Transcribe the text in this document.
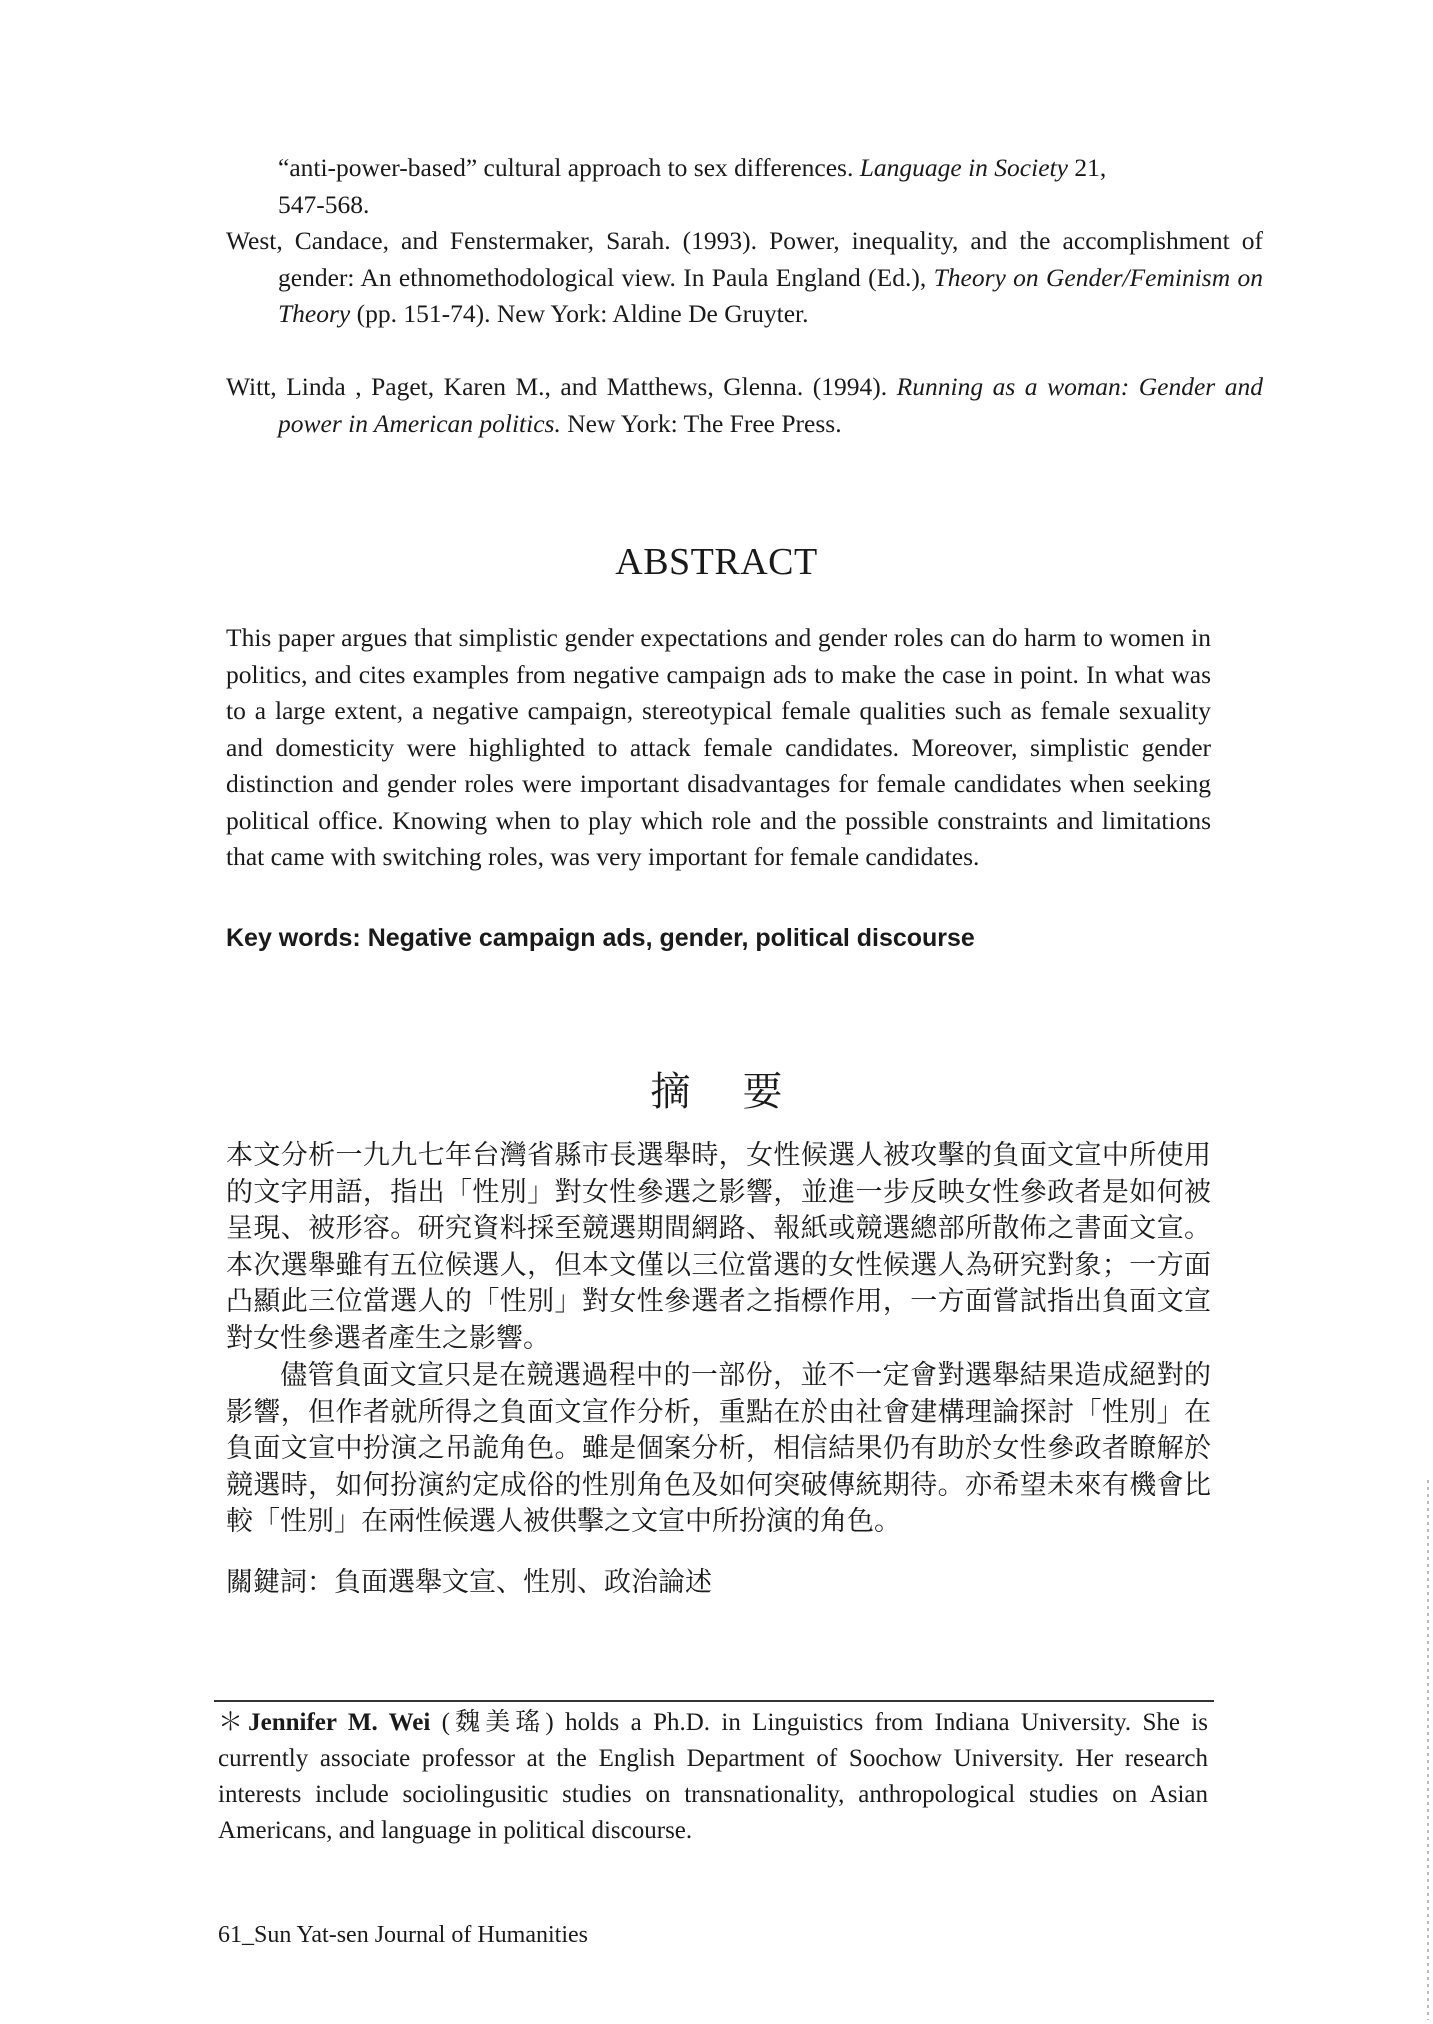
“anti-power-based” cultural approach to sex differences. Language in Society 21,
547-568.
West, Candace, and Fenstermaker, Sarah. (1993). Power, inequality, and the accomplishment of gender: An ethnomethodological view. In Paula England (Ed.), Theory on Gender/Feminism on Theory (pp. 151-74). New York: Aldine De Gruyter.
Witt, Linda , Paget, Karen M., and Matthews, Glenna. (1994). Running as a woman: Gender and power in American politics. New York: The Free Press.
ABSTRACT
This paper argues that simplistic gender expectations and gender roles can do harm to women in politics, and cites examples from negative campaign ads to make the case in point. In what was to a large extent, a negative campaign, stereotypical female qualities such as female sexuality and domesticity were highlighted to attack female candidates. Moreover, simplistic gender distinction and gender roles were important disadvantages for female candidates when seeking political office. Knowing when to play which role and the possible constraints and limitations that came with switching roles, was very important for female candidates.
Key words: Negative campaign ads, gender, political discourse
摘要
本文分析一九九七年台灣省縣市長選舉時，女性候選人被攻擊的負面文宣中所使用的文字用語，指出「性別」對女性參選之影響，並進一步反映女性參政者是如何被呈現、被形容。研究資料採至競選期間網路、報紙或競選總部所散佈之書面文宣。本次選舉雖有五位候選人，但本文僅以三位當選的女性候選人為研究對象；一方面凸顯此三位當選人的「性別」對女性參選者之指標作用，一方面嘗試指出負面文宣對女性參選者產生之影響。
儘管負面文宣只是在競選過程中的一部份，並不一定會對選舉結果造成絕對的影響，但作者就所得之負面文宣作分析，重點在於由社會建構理論探討「性別」在負面文宣中扮演之吊詭角色。雖是個案分析，相信結果仍有助於女性參政者瞭解於競選時，如何扮演約定成俗的性別角色及如何突破傳統期待。亦希望未來有機會比較「性別」在兩性候選人被供擊之文宣中所扮演的角色。
關鍵詞：負面選舉文宣、性別、政治論述
＊Jennifer M. Wei (魏美瑤) holds a Ph.D. in Linguistics from Indiana University. She is currently associate professor at the English Department of Soochow University. Her research interests include sociolingusitic studies on transnationality, anthropological studies on Asian Americans, and language in political discourse.
61_Sun Yat-sen Journal of Humanities
